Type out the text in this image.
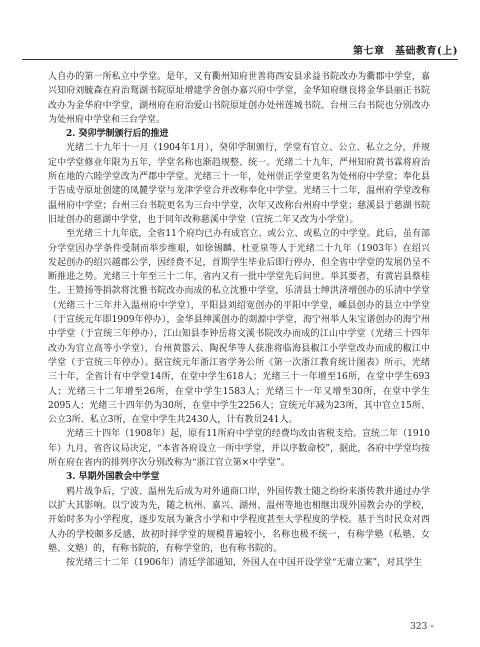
第七章　基础教育(上)

人自办的第一所私立中学堂。是年，又有衢州知府世善将西安县求益书院改办为衢郡中学堂，嘉兴知府刘毓森在府治鸳湖书院原址增建学舍创办嘉兴府中学堂，金华知府继良将金华县丽正书院改办为金华府中学堂，湖州府在府治爱山书院原址创办处州莲城书院、台州三台书院也分别改办为处州府中学堂和三台学堂。

2. 癸卯学制颁行后的推进

光绪二十九年十一月（1904年1月），癸卯学制颁行，学堂有官立、公立、私立之分，并规定中学堂修业年限为五年，学堂名称也渐趋规整、统一。光绪二十九年，严州知府黄书霖将府治所在地的六睦学堂改为严郡中学堂。光绪三十一年，处州崇正学堂更名为处州府中学堂；奉化县于告成寺原址创建的凤麓学堂与龙津学堂合并改称奉化中学堂。光绪三十二年，温州府学堂改称温州府中学堂；台州三台书院更名为三台中学堂，次年又改称台州府中学堂；慈溪县于慈湖书院旧址创办的慈湖中学堂，也于同年改称慈溪中学堂（宣统二年又改为小学堂）。

至光绪三十九年底，全省11个府均已办有成官立、或公立、或私立的中学堂。此后，虽有部分学堂因办学条件受制而举步维艰，如徐锡麟、杜亚泉等人于光绪二十九年（1903年）在绍兴发起创办的绍兴越郡公学，因经费不足，首期学生毕业后即行停办，但全省中学堂的发展仍呈不断推进之势。光绪三十年至三十二年，省内又有一批中学堂先后问世。举其要者，有黄岩县蔡桂生、王赞扬等捐款将沈雅书院改办而成的私立沈雅中学堂，乐清县士绅洪济增创办的乐清中学堂（光绪三十三年并入温州府中学堂），平阳县刘绍宽创办的平阳中学堂，嵊县创办的县立中学堂（于宣统元年即1909年停办），金华县绅溪创办的剡源中学堂，海宁州举人朱宝谱创办的海宁州中学堂（于宣统三年停办），江山知县李钟岳将文溪书院改办而成的江山中学堂（光绪三十四年改办为官立高等小学堂），台州黄嚣云、陶祝华等人获准将临海县椒江小学堂改办而成的椒江中学堂（于宣统三年停办）。据宣统元年浙江省学务公所《第一次浙江教育统计图表》所示，光绪三十年，全省计有中学堂14所，在堂中学生618人；光绪三十一年增至16所，在堂中学生693人；光绪三十二年增至26所，在堂中学生1583人；光绪三十一年又增至30所，在堂中学生2095人；光绪三十四年仍为30所，在堂中学生2256人；宣统元年减为23所，其中官立15所、公立3所、私立3所，在堂中学生共2430人，计有教员241人。

光绪三十四年（1908年）起，原有11所府中学堂的经费均改由省税支给。宣统二年（1910年）九月，省咨议局决定，“本省各府设立一所中学堂，并以序数命校”，据此，各府中学堂均按所在府在省内的排列序次分别改称为“浙江官立第×中学堂”。

3. 早期外国教会中学堂

鸦片战争后，宁波、温州先后成为对外通商口岸，外国传教士随之纷纷来浙传教并通过办学以扩大其影响。以宁波为先，随之杭州、嘉兴、湖州、温州等地也相继出现外国教会办的学校，开始时多为小学程度，逐步发展为兼含小学和中学程度甚至大学程度的学校。基于当时民众对西人办的学校颇多反感，故初时择学堂的规模普遍较小，名称也极不统一，有称学塾（私塾、女塾、文塾）的，有称书院的，有称学堂的，也有称书院的。

按光绪三十二年（1906年）清廷学部通知，外国人在中国开设学堂“无庸立案”，对其学生

323 «
